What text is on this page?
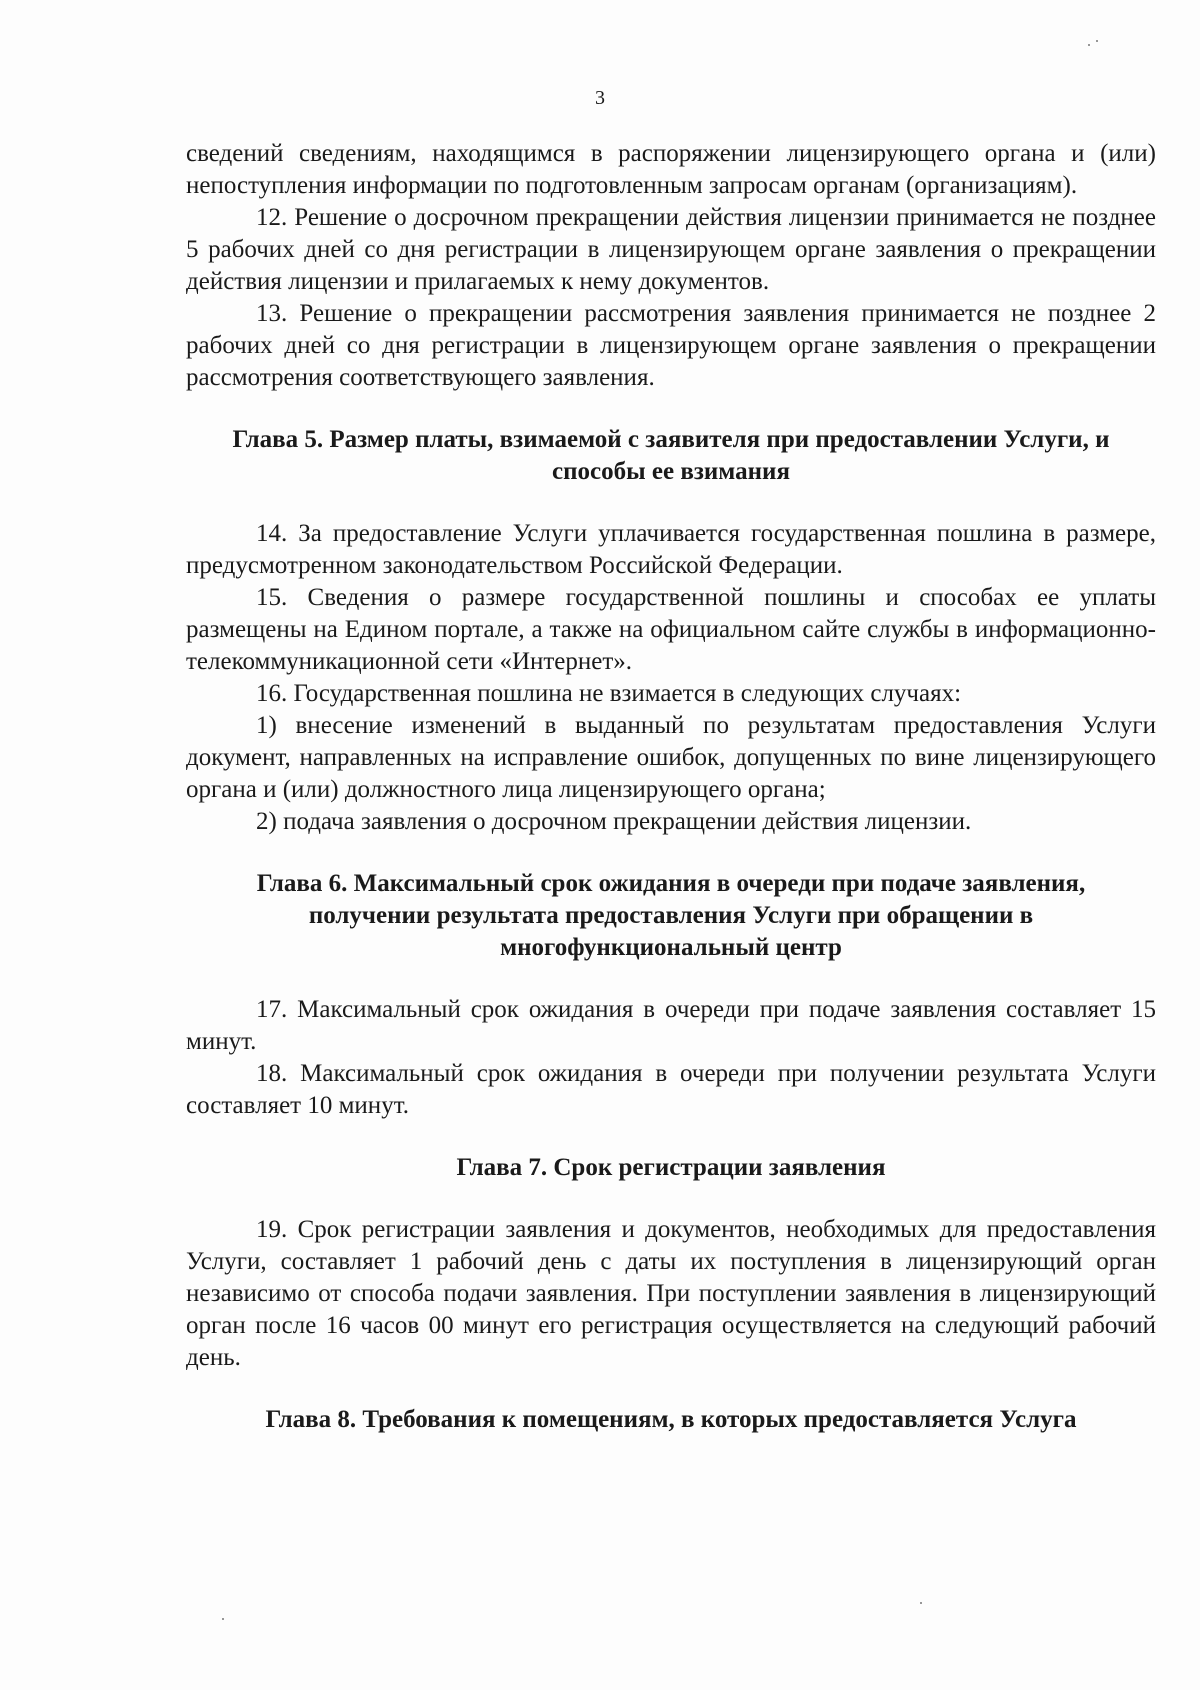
3

сведений сведениям, находящимся в распоряжении лицензирующего органа и (или) непоступления информации по подготовленным запросам органам (организациям).

12. Решение о досрочном прекращении действия лицензии принимается не позднее 5 рабочих дней со дня регистрации в лицензирующем органе заявления о прекращении действия лицензии и прилагаемых к нему документов.

13. Решение о прекращении рассмотрения заявления принимается не позднее 2 рабочих дней со дня регистрации в лицензирующем органе заявления о прекращении рассмотрения соответствующего заявления.

Глава 5. Размер платы, взимаемой с заявителя при предоставлении Услуги, и способы ее взимания

14. За предоставление Услуги уплачивается государственная пошлина в размере, предусмотренном законодательством Российской Федерации.

15. Сведения о размере государственной пошлины и способах ее уплаты размещены на Едином портале, а также на официальном сайте службы в информационно-телекоммуникационной сети «Интернет».

16. Государственная пошлина не взимается в следующих случаях:

1) внесение изменений в выданный по результатам предоставления Услуги документ, направленных на исправление ошибок, допущенных по вине лицензирующего органа и (или) должностного лица лицензирующего органа;

2) подача заявления о досрочном прекращении действия лицензии.

Глава 6. Максимальный срок ожидания в очереди при подаче заявления, получении результата предоставления Услуги при обращении в многофункциональный центр

17. Максимальный срок ожидания в очереди при подаче заявления составляет 15 минут.

18. Максимальный срок ожидания в очереди при получении результата Услуги составляет 10 минут.

Глава 7. Срок регистрации заявления

19. Срок регистрации заявления и документов, необходимых для предоставления Услуги, составляет 1 рабочий день с даты их поступления в лицензирующий орган независимо от способа подачи заявления. При поступлении заявления в лицензирующий орган после 16 часов 00 минут его регистрация осуществляется на следующий рабочий день.

Глава 8. Требования к помещениям, в которых предоставляется Услуга
